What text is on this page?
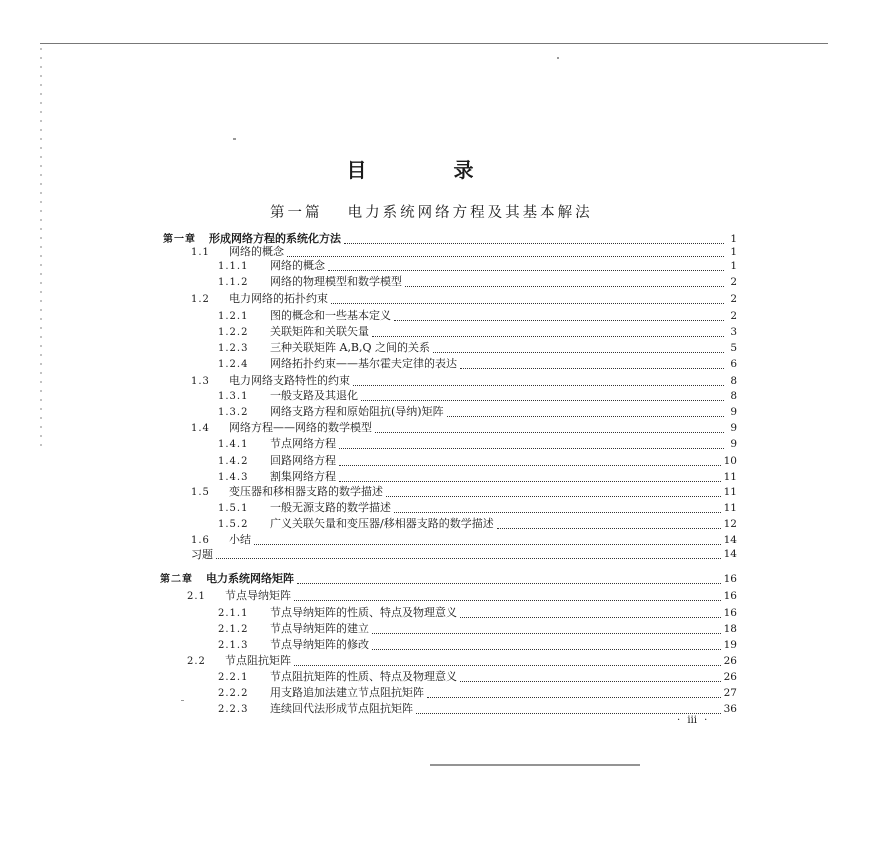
目 录
第一篇　 电力系统网络方程及其基本解法
第一章 形成网络方程的系统化方法	1
1.1 网络的概念	1
1.1.1 网络的概念	1
1.1.2 网络的物理模型和数学模型	2
1.2 电力网络的拓扑约束	2
1.2.1 图的概念和一些基本定义	2
1.2.2 关联矩阵和关联矢量	3
1.2.3 三种关联矩阵 A,B,Q 之间的关系	5
1.2.4 网络拓扑约束——基尔霍夫定律的表达	6
1.3 电力网络支路特性的约束	8
1.3.1 一般支路及其退化	8
1.3.2 网络支路方程和原始阻抗(导纳)矩阵	9
1.4 网络方程——网络的数学模型	9
1.4.1 节点网络方程	9
1.4.2 回路网络方程	10
1.4.3 割集网络方程	11
1.5 变压器和移相器支路的数学描述	11
1.5.1 一般无源支路的数学描述	11
1.5.2 广义关联矢量和变压器/移相器支路的数学描述	12
1.6 小结	14
习题	14
第二章 电力系统网络矩阵	16
2.1 节点导纳矩阵	16
2.1.1 节点导纳矩阵的性质、特点及物理意义	16
2.1.2 节点导纳矩阵的建立	18
2.1.3 节点导纳矩阵的修改	19
2.2 节点阻抗矩阵	26
2.2.1 节点阻抗矩阵的性质、特点及物理意义	26
2.2.2 用支路追加法建立节点阻抗矩阵	27
2.2.3 连续回代法形成节点阻抗矩阵	36
· ⅲ ·
